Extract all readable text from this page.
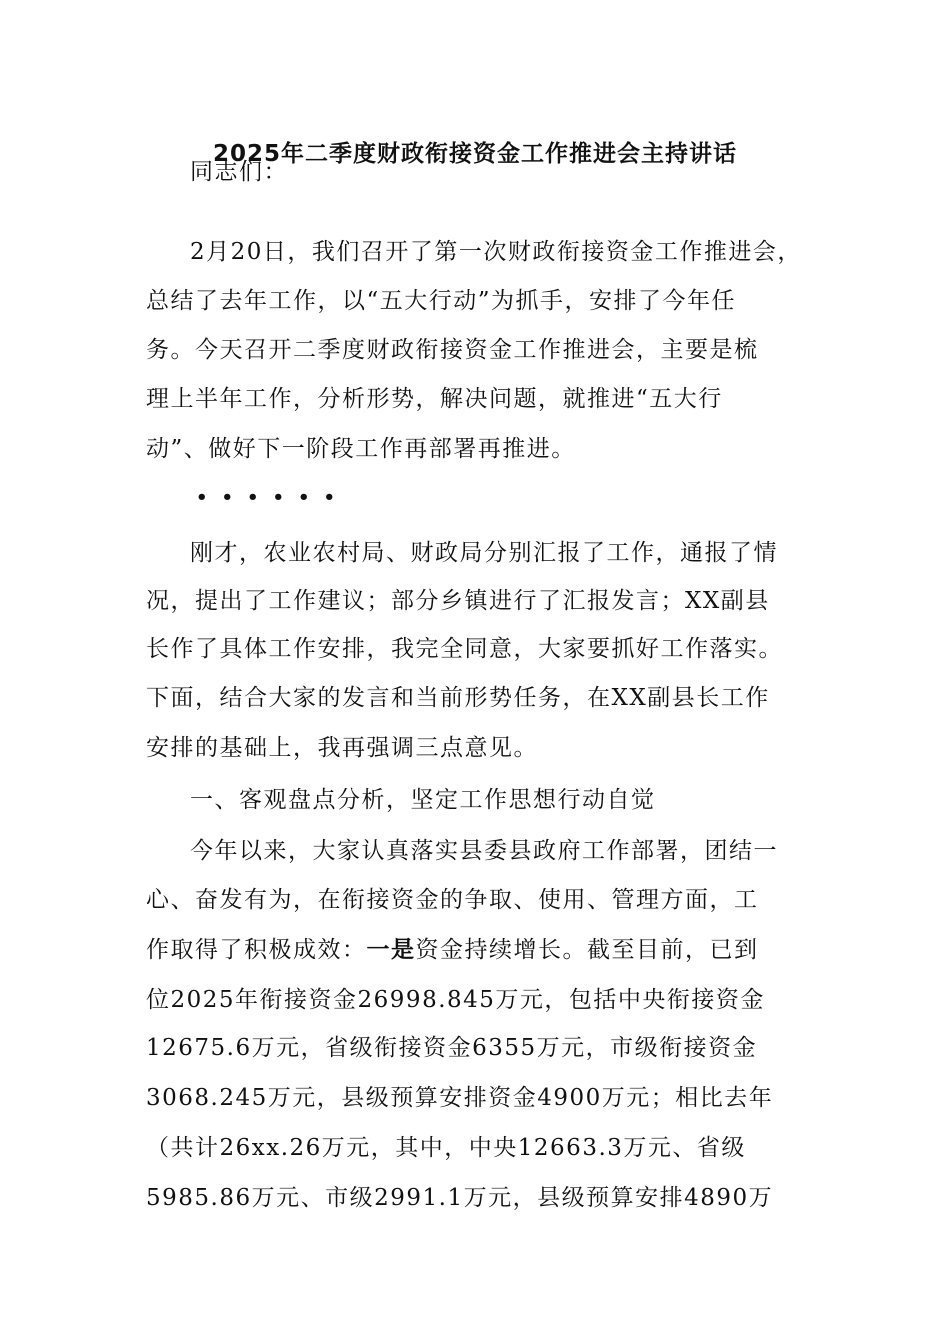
2025年二季度财政衔接资金工作推进会主持讲话
同志们：
2月20日，我们召开了第一次财政衔接资金工作推进会，
总结了去年工作，以“五大行动”为抓手，安排了今年任
务。今天召开二季度财政衔接资金工作推进会，主要是梳
理上半年工作，分析形势，解决问题，就推进“五大行
动”、做好下一阶段工作再部署再推进。
••••••
刚才，农业农村局、财政局分别汇报了工作，通报了情
况，提出了工作建议；部分乡镇进行了汇报发言；XX副县
长作了具体工作安排，我完全同意，大家要抓好工作落实。
下面，结合大家的发言和当前形势任务，在XX副县长工作
安排的基础上，我再强调三点意见。
一、客观盘点分析，坚定工作思想行动自觉
今年以来，大家认真落实县委县政府工作部署，团结一
心、奋发有为，在衔接资金的争取、使用、管理方面，工
作取得了积极成效：一是资金持续增长。截至目前，已到
位2025年衔接资金26998.845万元，包括中央衔接资金
12675.6万元，省级衔接资金6355万元，市级衔接资金
3068.245万元，县级预算安排资金4900万元；相比去年
（共计26xx.26万元，其中，中央12663.3万元、省级
5985.86万元、市级2991.1万元，县级预算安排4890万
